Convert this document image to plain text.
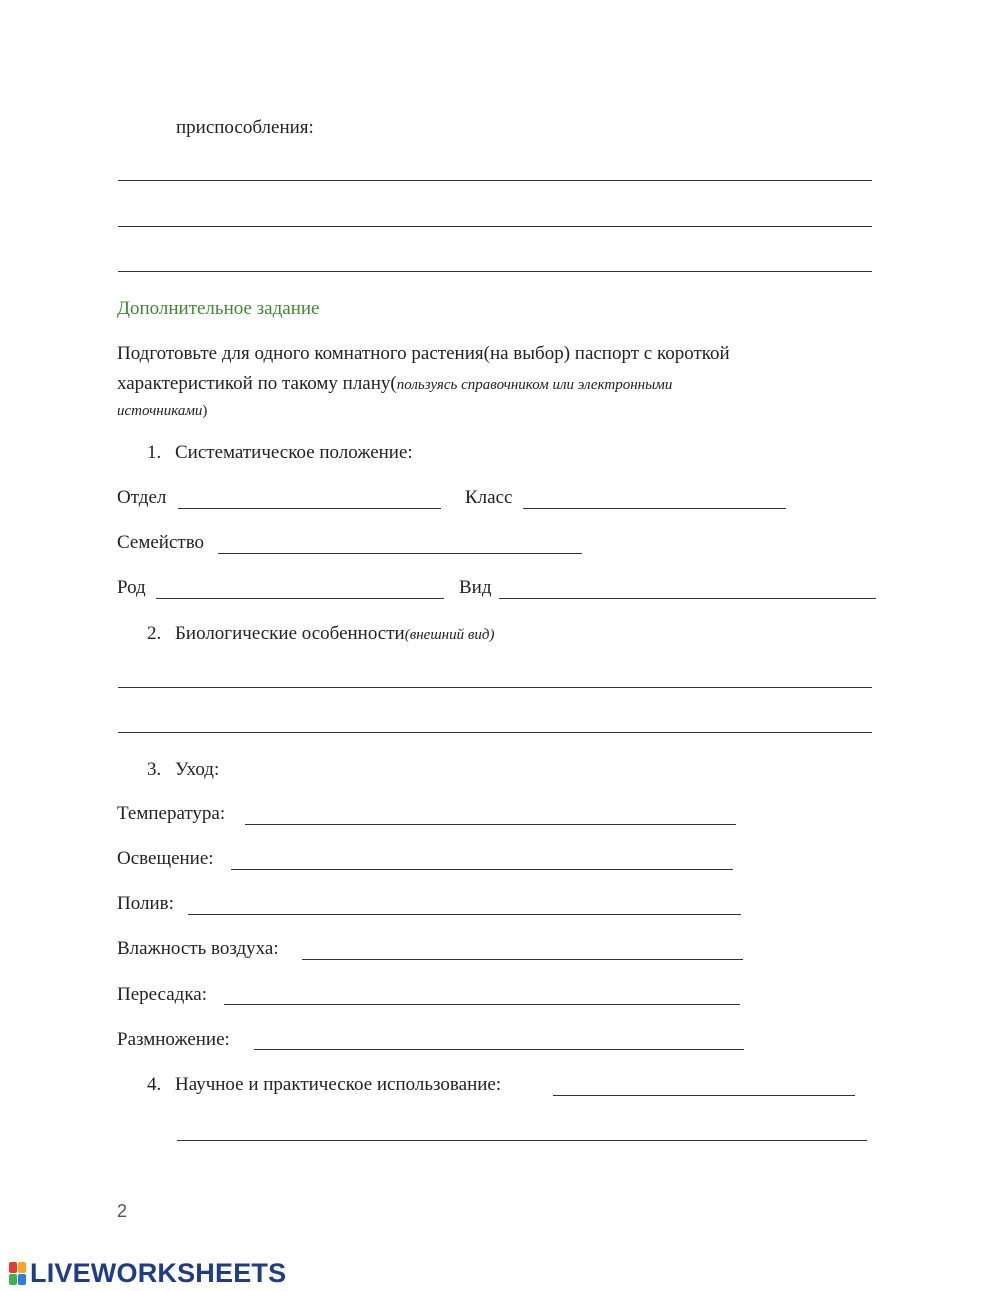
приспособления:
Дополнительное задание
Подготовьте для одного комнатного растения(на выбор) паспорт с короткой
характеристикой по такому плану(пользуясь справочником или электронными
источниками)
1. Систематическое положение:
Отдел	Класс
Семейство
Род	Вид
2. Биологические особенности(внешний вид)
3. Уход:
Температура:
Освещение:
Полив:
Влажность воздуха:
Пересадка:
Размножение:
4. Научное и практическое использование:
2
LIVEWORKSHEETS
